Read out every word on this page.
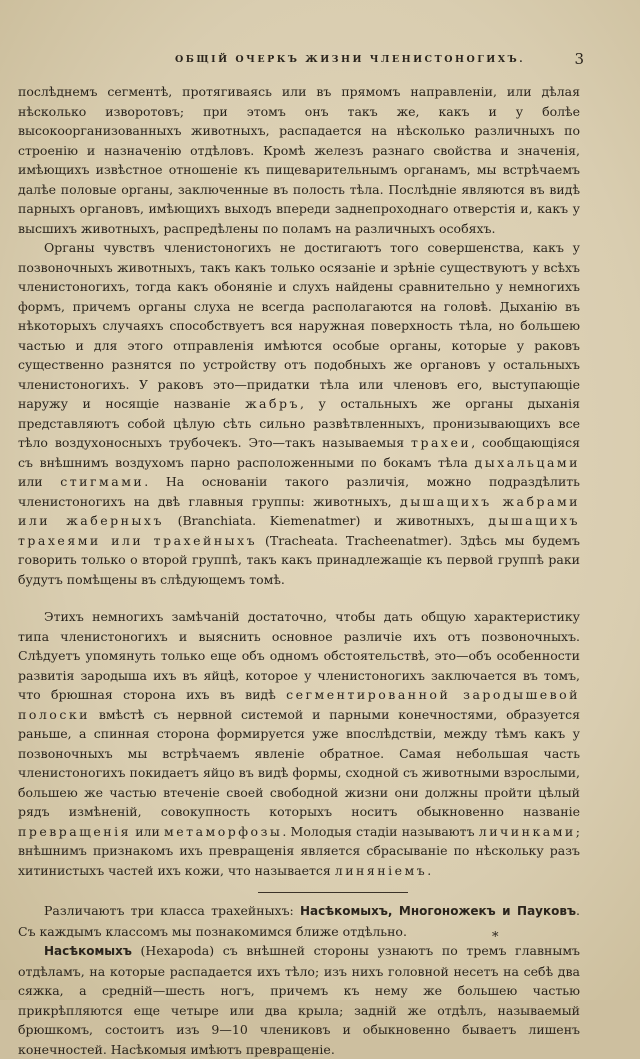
ОБЩІЙ ОЧЕРКЪ ЖИЗНИ ЧЛЕНИСТОНОГИХЪ.	3

послѣднемъ сегментѣ, протягиваясь или въ прямомъ направленіи, или дѣлая нѣсколько изворотовъ; при этомъ онъ такъ же, какъ и у болѣе высокоорганизованныхъ животныхъ, распадается на нѣсколько различныхъ по строенію и назначенію отдѣловъ. Кромѣ железъ разнаго свойства и значенія, имѣющихъ извѣстное отношеніе къ пищеварительнымъ органамъ, мы встрѣчаемъ далѣе половые органы, заключенные въ полость тѣла. Послѣдніе являются въ видѣ парныхъ органовъ, имѣющихъ выходъ впереди заднепроходнаго отверстія и, какъ у высшихъ животныхъ, распредѣлены по поламъ на различныхъ особяхъ.

Органы чувствъ членистоногихъ не достигаютъ того совершенства, какъ у позвоночныхъ животныхъ, такъ какъ только осязаніе и зрѣніе существуютъ у всѣхъ членистоногихъ, тогда какъ обоняніе и слухъ найдены сравнительно у немногихъ формъ, причемъ органы слуха не всегда располагаются на головѣ. Дыханію въ нѣкоторыхъ случаяхъ способствуетъ вся наружная поверхность тѣла, но большею частью и для этого отправленія имѣются особые органы, которые у раковъ существенно разнятся по устройству отъ подобныхъ же органовъ у остальныхъ членистоногихъ. У раковъ это—придатки тѣла или членовъ его, выступающіе наружу и носящіе названіе жабръ, у остальныхъ же органы дыханія представляютъ собой цѣлую сѣть сильно развѣтвленныхъ, пронизывающихъ все тѣло воздухоносныхъ трубочекъ. Это—такъ называемыя трахеи, сообщающіяся съ внѣшнимъ воздухомъ парно расположенными по бокамъ тѣла дыхальцами или стигмами. На основаніи такого различія, можно подраздѣлить членистоногихъ на двѣ главныя группы: животныхъ, дышащихъ жабрами или жаберныхъ (Branchiata. Kiemenatmer) и животныхъ, дышащихъ трахеями или трахейныхъ (Tracheata. Tracheenatmer). Здѣсь мы будемъ говорить только о второй группѣ, такъ какъ принадлежащіе къ первой группѣ раки будутъ помѣщены въ слѣдующемъ томѣ.

Этихъ немногихъ замѣчаній достаточно, чтобы дать общую характеристику типа членистоногихъ и выяснить основное различіе ихъ отъ позвоночныхъ. Слѣдуетъ упомянуть только еще объ одномъ обстоятельствѣ, это—объ особенности развитія зародыша ихъ въ яйцѣ, которое у членистоногихъ заключается въ томъ, что брюшная сторона ихъ въ видѣ сегментированной зародышевой полоски вмѣстѣ съ нервной системой и парными конечностями, образуется раньше, а спинная сторона формируется уже впослѣдствіи, между тѣмъ какъ у позвоночныхъ мы встрѣчаемъ явленіе обратное. Самая небольшая часть членистоногихъ покидаетъ яйцо въ видѣ формы, сходной съ животными взрослыми, большею же частью втеченіе своей свободной жизни они должны пройти цѣлый рядъ измѣненій, совокупность которыхъ носитъ обыкновенно названіе превращенія или метаморфозы. Молодыя стадіи называютъ личинками; внѣшнимъ признакомъ ихъ превращенія является сбрасываніе по нѣскольку разъ хитинистыхъ частей ихъ кожи, что называется линяніемъ.

Различаютъ три класса трахейныхъ: Насѣкомыхъ, Многоножекъ и Пауковъ. Съ каждымъ классомъ мы познакомимся ближе отдѣльно.

Насѣкомыхъ (Hexapoda) съ внѣшней стороны узнаютъ по тремъ главнымъ отдѣламъ, на которые распадается ихъ тѣло; изъ нихъ головной несетъ на себѣ два сяжка, а средній—шесть ногъ, причемъ къ нему же большею частью прикрѣпляются еще четыре или два крыла; задній же отдѣлъ, называемый брюшкомъ, состоитъ изъ 9—10 члениковъ и обыкновенно бываетъ лишенъ конечностей. Насѣкомыя имѣютъ превращеніе.

*
